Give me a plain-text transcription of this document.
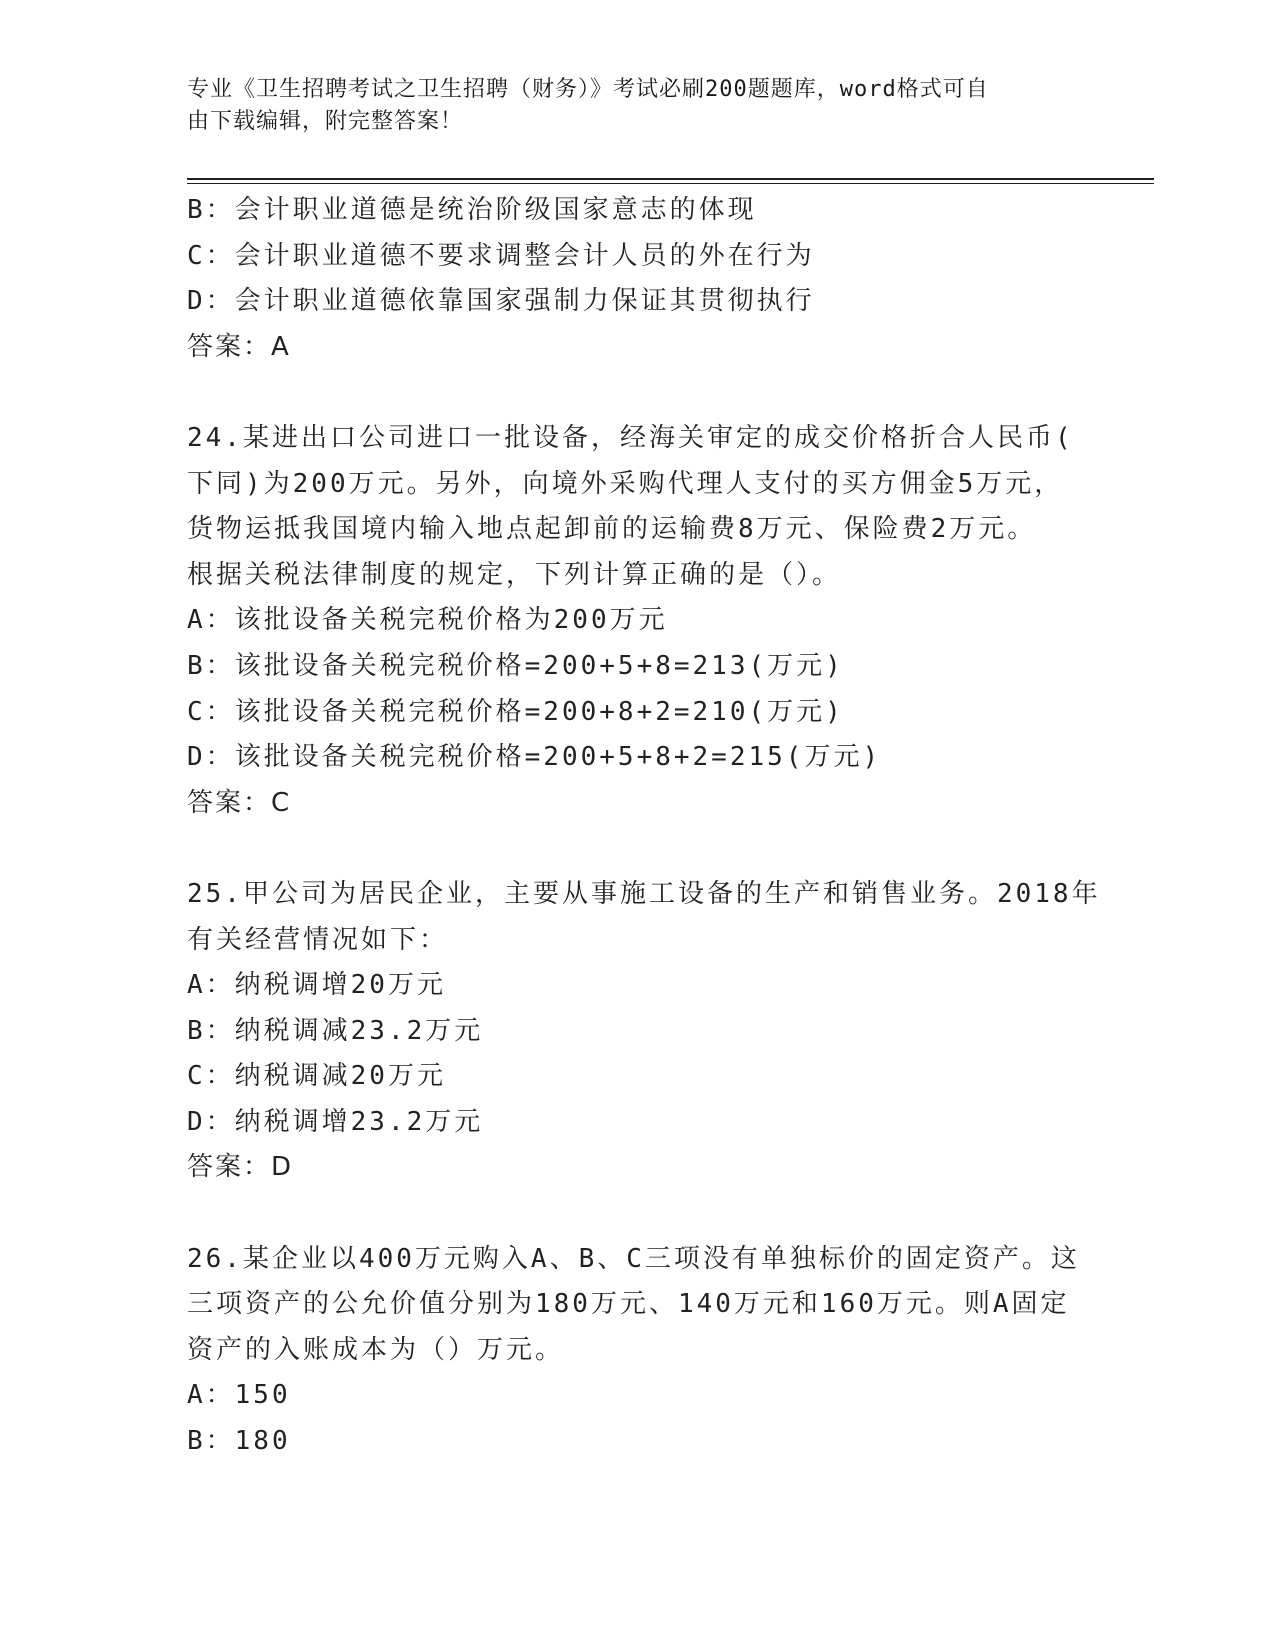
专业《卫生招聘考试之卫生招聘（财务）》考试必刷200题题库，word格式可自
由下载编辑，附完整答案！
B：会计职业道德是统治阶级国家意志的体现
C：会计职业道德不要求调整会计人员的外在行为
D：会计职业道德依靠国家强制力保证其贯彻执行
答案：A
24.某进出口公司进口一批设备，经海关审定的成交价格折合人民币(
下同)为200万元。另外，向境外采购代理人支付的买方佣金5万元，
货物运抵我国境内输入地点起卸前的运输费8万元、保险费2万元。
根据关税法律制度的规定，下列计算正确的是（）。
A：该批设备关税完税价格为200万元
B：该批设备关税完税价格=200+5+8=213(万元)
C：该批设备关税完税价格=200+8+2=210(万元)
D：该批设备关税完税价格=200+5+8+2=215(万元)
答案：C
25.甲公司为居民企业，主要从事施工设备的生产和销售业务。2018年
有关经营情况如下：
A：纳税调增20万元
B：纳税调减23.2万元
C：纳税调减20万元
D：纳税调增23.2万元
答案：D
26.某企业以400万元购入A、B、C三项没有单独标价的固定资产。这
三项资产的公允价值分别为180万元、140万元和160万元。则A固定
资产的入账成本为（）万元。
A：150
B：180
